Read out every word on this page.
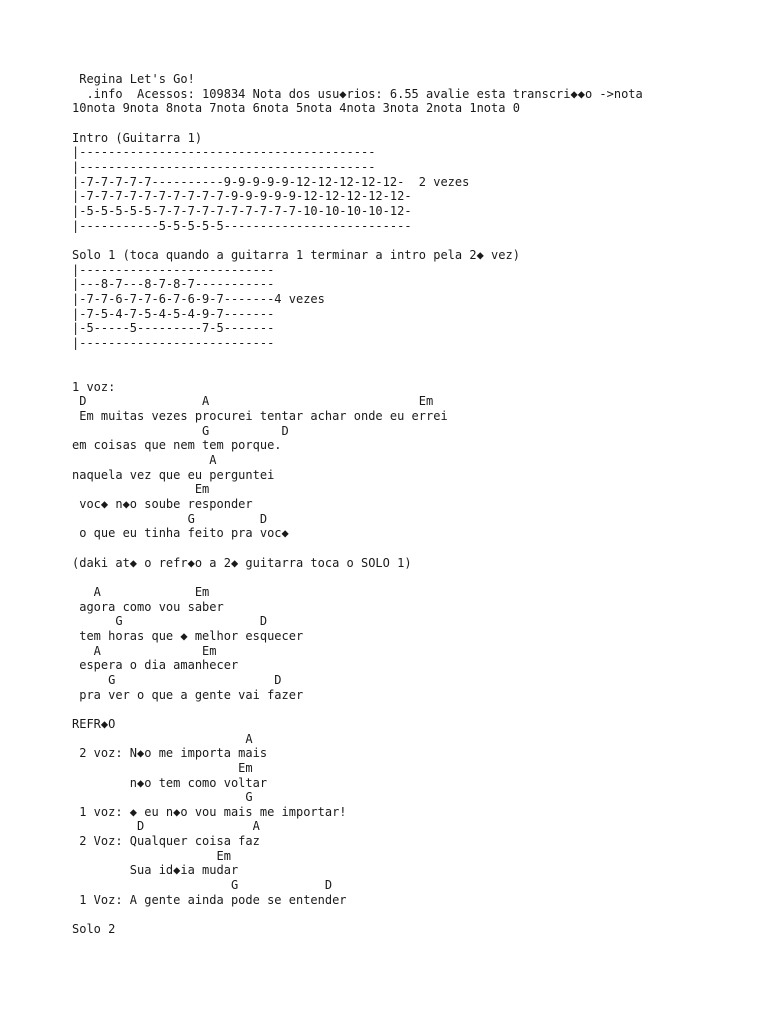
Regina Let's Go!
.info  Acessos: 109834 Nota dos usu◆rios: 6.55 avalie esta transcri◆◆o ->nota
10nota 9nota 8nota 7nota 6nota 5nota 4nota 3nota 2nota 1nota 0
Intro (Guitarra 1)
|-----------------------------------------
|-----------------------------------------
|-7-7-7-7-7----------9-9-9-9-9-12-12-12-12-12-  2 vezes
|-7-7-7-7-7-7-7-7-7-7-9-9-9-9-9-12-12-12-12-12-
|-5-5-5-5-5-7-7-7-7-7-7-7-7-7-7-10-10-10-10-12-
|-----------5-5-5-5-5--------------------------
Solo 1 (toca quando a guitarra 1 terminar a intro pela 2◆ vez)
|---------------------------
|---8-7---8-7-8-7-----------
|-7-7-6-7-7-6-7-6-9-7-------4 vezes
|-7-5-4-7-5-4-5-4-9-7-------
|-5-----5---------7-5-------
|---------------------------
1 voz:
D                A                             Em
Em muitas vezes procurei tentar achar onde eu errei
G          D
em coisas que nem tem porque.
A
naquela vez que eu perguntei
Em
voc◆ n◆o soube responder
G         D
o que eu tinha feito pra voc◆
(daki at◆ o refr◆o a 2◆ guitarra toca o SOLO 1)
A             Em
agora como vou saber
G                   D
tem horas que ◆ melhor esquecer
A              Em
espera o dia amanhecer
G                      D
pra ver o que a gente vai fazer
REFR◆O
A
2 voz: N◆o me importa mais
Em
n◆o tem como voltar
G
1 voz: ◆ eu n◆o vou mais me importar!
D               A
2 Voz: Qualquer coisa faz
Em
Sua id◆ia mudar
G            D
1 Voz: A gente ainda pode se entender
Solo 2
